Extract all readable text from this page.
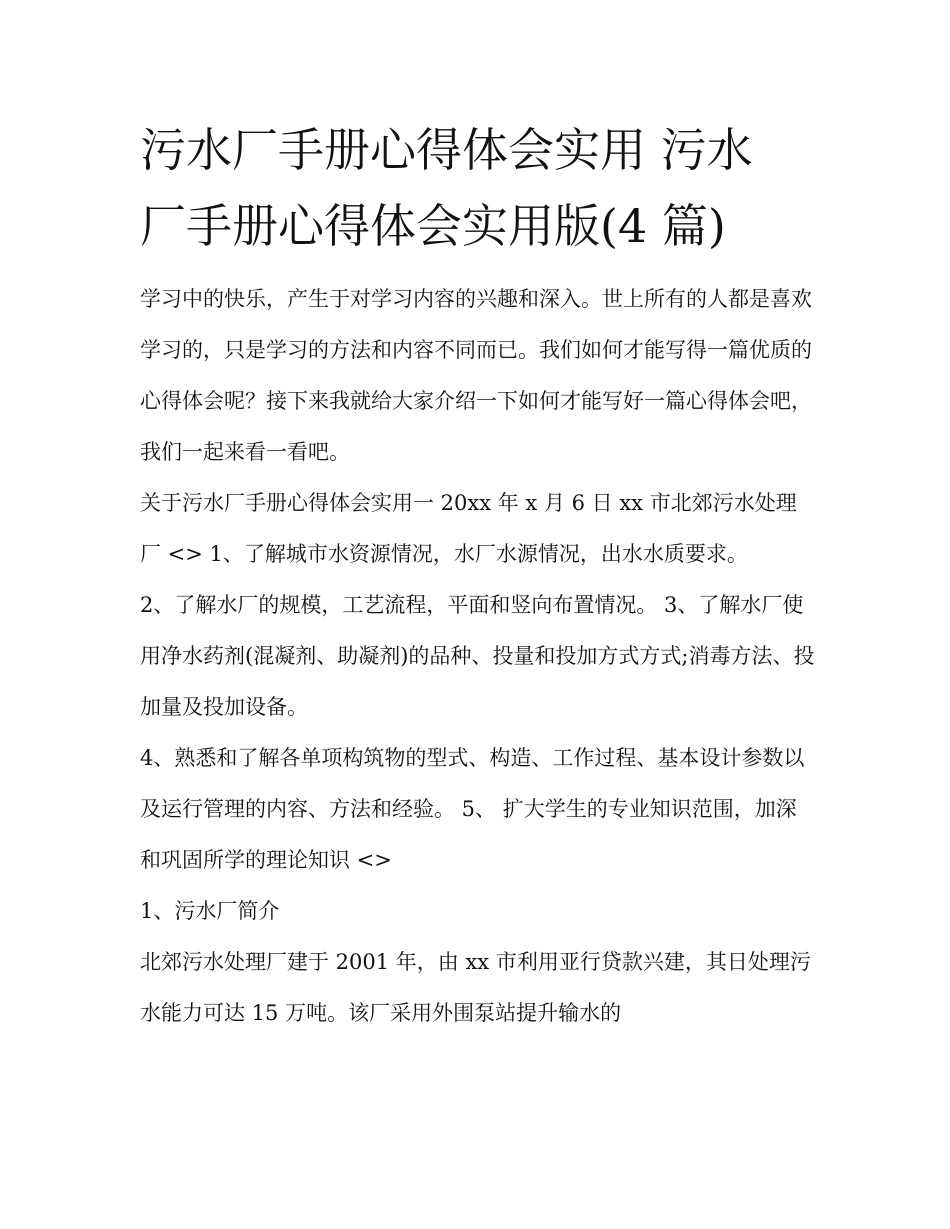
污水厂手册心得体会实用 污水
厂手册心得体会实用版(4 篇)

学习中的快乐，产生于对学习内容的兴趣和深入。世上所有的人都是喜欢学习的，只是学习的方法和内容不同而已。我们如何才能写得一篇优质的心得体会呢？接下来我就给大家介绍一下如何才能写好一篇心得体会吧，我们一起来看一看吧。

关于污水厂手册心得体会实用一 20xx 年 x 月 6 日 xx 市北郊污水处理厂 <> 1、了解城市水资源情况，水厂水源情况，出水水质要求。

2、了解水厂的规模，工艺流程，平面和竖向布置情况。 3、了解水厂使用净水药剂(混凝剂、助凝剂)的品种、投量和投加方式方式;消毒方法、投加量及投加设备。

4、熟悉和了解各单项构筑物的型式、构造、工作过程、基本设计参数以及运行管理的内容、方法和经验。 5、 扩大学生的专业知识范围，加深和巩固所学的理论知识 <>

1、污水厂简介

北郊污水处理厂建于 2001 年，由 xx 市利用亚行贷款兴建，其日处理污水能力可达 15 万吨。该厂采用外围泵站提升输水的
